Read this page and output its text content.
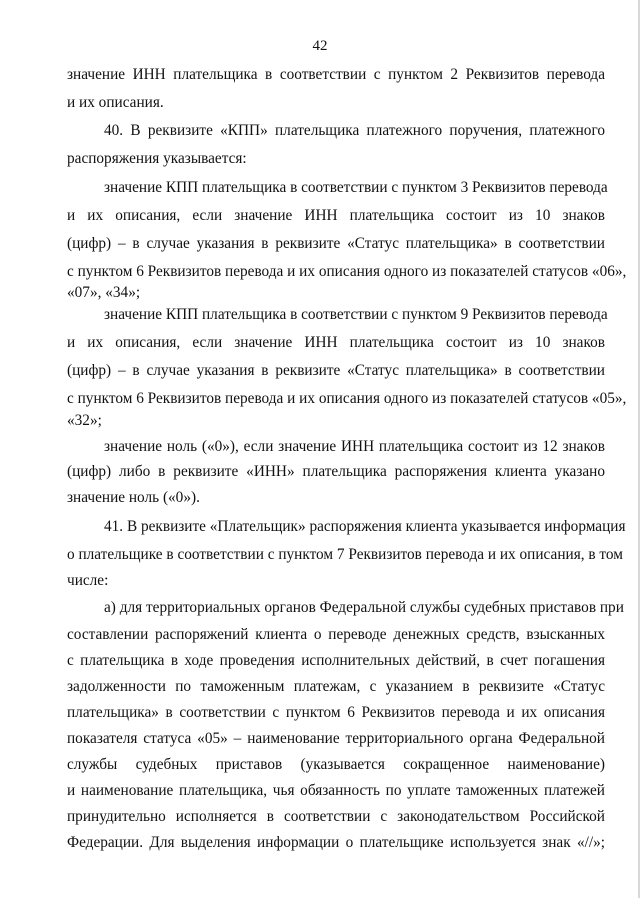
42
значение ИНН плательщика в соответствии с пунктом 2 Реквизитов перевода
и их описания.
40. В реквизите «КПП» плательщика платежного поручения, платежного
распоряжения указывается:
значение КПП плательщика в соответствии с пунктом 3 Реквизитов перевода
и их описания, если значение ИНН плательщика состоит из 10 знаков
(цифр) – в случае указания в реквизите «Статус плательщика» в соответствии
с пунктом 6 Реквизитов перевода и их описания одного из показателей статусов «06»,
«07», «34»;
значение КПП плательщика в соответствии с пунктом 9 Реквизитов перевода
и их описания, если значение ИНН плательщика состоит из 10 знаков
(цифр) – в случае указания в реквизите «Статус плательщика» в соответствии
с пунктом 6 Реквизитов перевода и их описания одного из показателей статусов «05»,
«32»;
значение ноль («0»), если значение ИНН плательщика состоит из 12 знаков
(цифр) либо в реквизите «ИНН» плательщика распоряжения клиента указано
значение ноль («0»).
41. В реквизите «Плательщик» распоряжения клиента указывается информация
о плательщике в соответствии с пунктом 7 Реквизитов перевода и их описания, в том
числе:
а) для территориальных органов Федеральной службы судебных приставов при
составлении распоряжений клиента о переводе денежных средств, взысканных
с плательщика в ходе проведения исполнительных действий, в счет погашения
задолженности по таможенным платежам, с указанием в реквизите «Статус
плательщика» в соответствии с пунктом 6 Реквизитов перевода и их описания
показателя статуса «05» – наименование территориального органа Федеральной
службы судебных приставов (указывается сокращенное наименование)
и наименование плательщика, чья обязанность по уплате таможенных платежей
принудительно исполняется в соответствии с законодательством Российской
Федерации. Для выделения информации о плательщике используется знак «//»;
